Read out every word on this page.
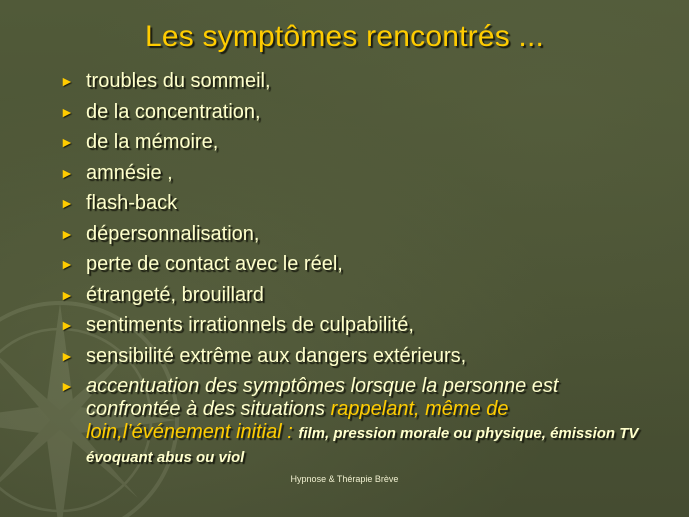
Les symptômes rencontrés ...
► troubles du sommeil,
► de la concentration,
► de la mémoire,
► amnésie ,
► flash-back
► dépersonnalisation,
► perte de contact avec le réel,
► étrangeté, brouillard
► sentiments irrationnels de culpabilité,
► sensibilité extrême aux dangers extérieurs,
► accentuation des symptômes lorsque la personne est confrontée à des situations rappelant, même de loin,l’événement initial : film, pression morale ou physique, émission TV évoquant abus ou viol
Hypnose & Thérapie Brève
